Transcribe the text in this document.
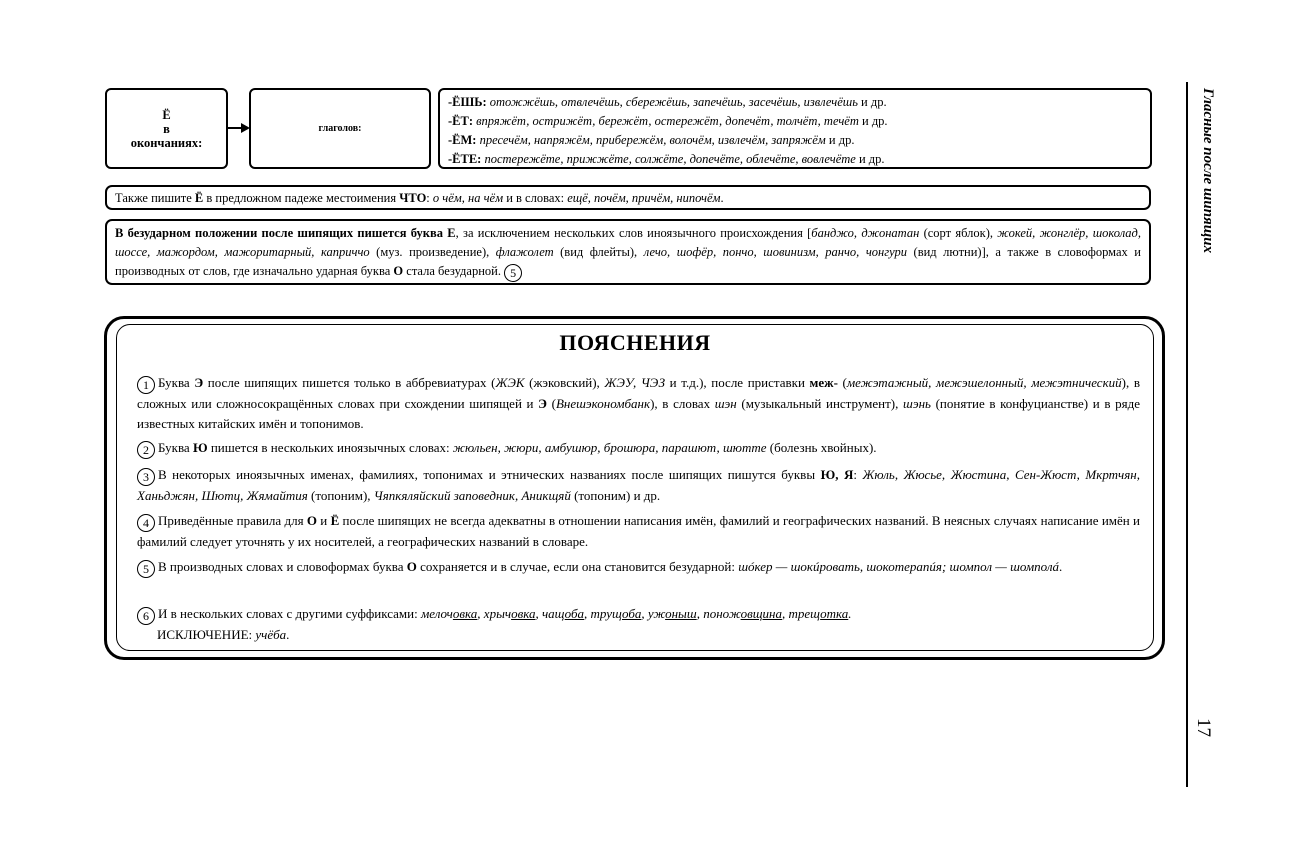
Ё
в
окончаниях:
глаголов:
-ЁШЬ: отожжёшь, отвлечёшь, сбережёшь, запечёшь, засечёшь, извлечёшь и др.
-ЁТ: впряжёт, острижёт, бережёт, остережёт, допечёт, толчёт, течёт и др.
-ЁМ: пресечём, напряжём, прибережём, волочём, извлечём, запряжём и др.
-ЁТЕ: постережёте, прижжёте, солжёте, допечёте, облечёте, вовлечёте и др.
Также пишите Ё в предложном падеже местоимения ЧТО: о чём, на чём и в словах: ещё, почём, причём, нипочём.
В безударном положении после шипящих пишется буква Е, за исключением нескольких слов иноязычного происхождения [банджо, джонатан (сорт яблок), жокей, жонглёр, шоколад, шоссе, мажордом, мажоритарный, каприччо (муз. произведение), флажолет (вид флейты), лечо, шофёр, пончо, шовинизм, ранчо, чонгури (вид лютни)], а также в словоформах и производных от слов, где изначально ударная буква О стала безударной. 5
ПОЯСНЕНИЯ
1 Буква Э после шипящих пишется только в аббревиатурах (ЖЭК (жэковский), ЖЭУ, ЧЭЗ и т.д.), после приставки меж- (межэтажный, межэшелонный, межэтнический), в сложных или сложносокращённых словах при схождении шипящей и Э (Внешэкономбанк), в словах шэн (музыкальный инструмент), шэнь (понятие в конфуцианстве) и в ряде известных китайских имён и топонимов.
2 Буква Ю пишется в нескольких иноязычных словах: жюльен, жюри, амбушюр, брошюра, парашют, шютте (болезнь хвойных).
3 В некоторых иноязычных именах, фамилиях, топонимах и этнических названиях после шипящих пишутся буквы Ю, Я: Жюль, Жюсье, Жюстина, Сен-Жюст, Мкртчян, Ханьджян, Шютц, Жямайтия (топоним), Чяпкяляйский заповедник, Аникщяй (топоним) и др.
4 Приведённые правила для О и Ё после шипящих не всегда адекватны в отношении написания имён, фамилий и географических названий. В неясных случаях написание имён и фамилий следует уточнять у их носителей, а географических названий в словаре.
5 В производных словах и словоформах буква О сохраняется и в случае, если она становится безударной: шóкер — шокúровать, шокотерапúя; шомпол — шомполá.
6 И в нескольких словах с другими суффиксами: мелочовка, хрычовка, чащоба, трущоба, ужоныш, поножовщина, трещотка.
ИСКЛЮЧЕНИЕ: учёба.
Гласные после шипящих
17
